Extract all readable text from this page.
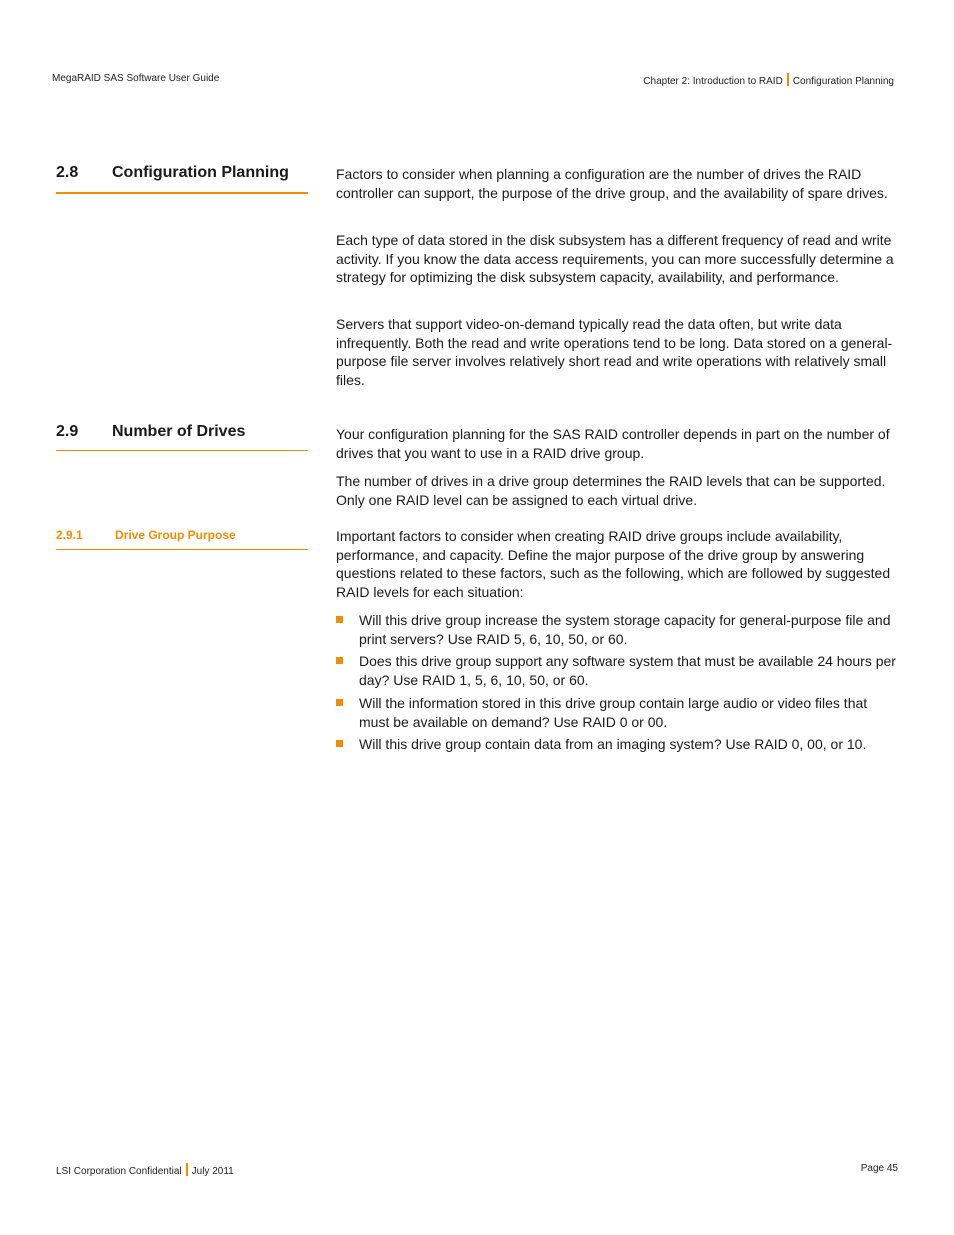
MegaRAID SAS Software User Guide	Chapter 2: Introduction to RAID Configuration Planning
2.8 Configuration Planning	Factors to consider when planning a configuration are the number of drives the RAID controller can support, the purpose of the drive group, and the availability of spare drives.

Each type of data stored in the disk subsystem has a different frequency of read and write activity. If you know the data access requirements, you can more successfully determine a strategy for optimizing the disk subsystem capacity, availability, and performance.

Servers that support video-on-demand typically read the data often, but write data infrequently. Both the read and write operations tend to be long. Data stored on a general-purpose file server involves relatively short read and write operations with relatively small files.

2.9 Number of Drives	Your configuration planning for the SAS RAID controller depends in part on the number of drives that you want to use in a RAID drive group.

The number of drives in a drive group determines the RAID levels that can be supported. Only one RAID level can be assigned to each virtual drive.

2.9.1	Drive Group Purpose	Important factors to consider when creating RAID drive groups include availability, performance, and capacity. Define the major purpose of the drive group by answering questions related to these factors, such as the following, which are followed by suggested RAID levels for each situation:

Will this drive group increase the system storage capacity for general-purpose file and print servers? Use RAID 5, 6, 10, 50, or 60.
Does this drive group support any software system that must be available 24 hours per day? Use RAID 1, 5, 6, 10, 50, or 60.
Will the information stored in this drive group contain large audio or video files that must be available on demand? Use RAID 0 or 00.
Will this drive group contain data from an imaging system? Use RAID 0, 00, or 10.
LSI Corporation Confidential July 2011	Page 45
